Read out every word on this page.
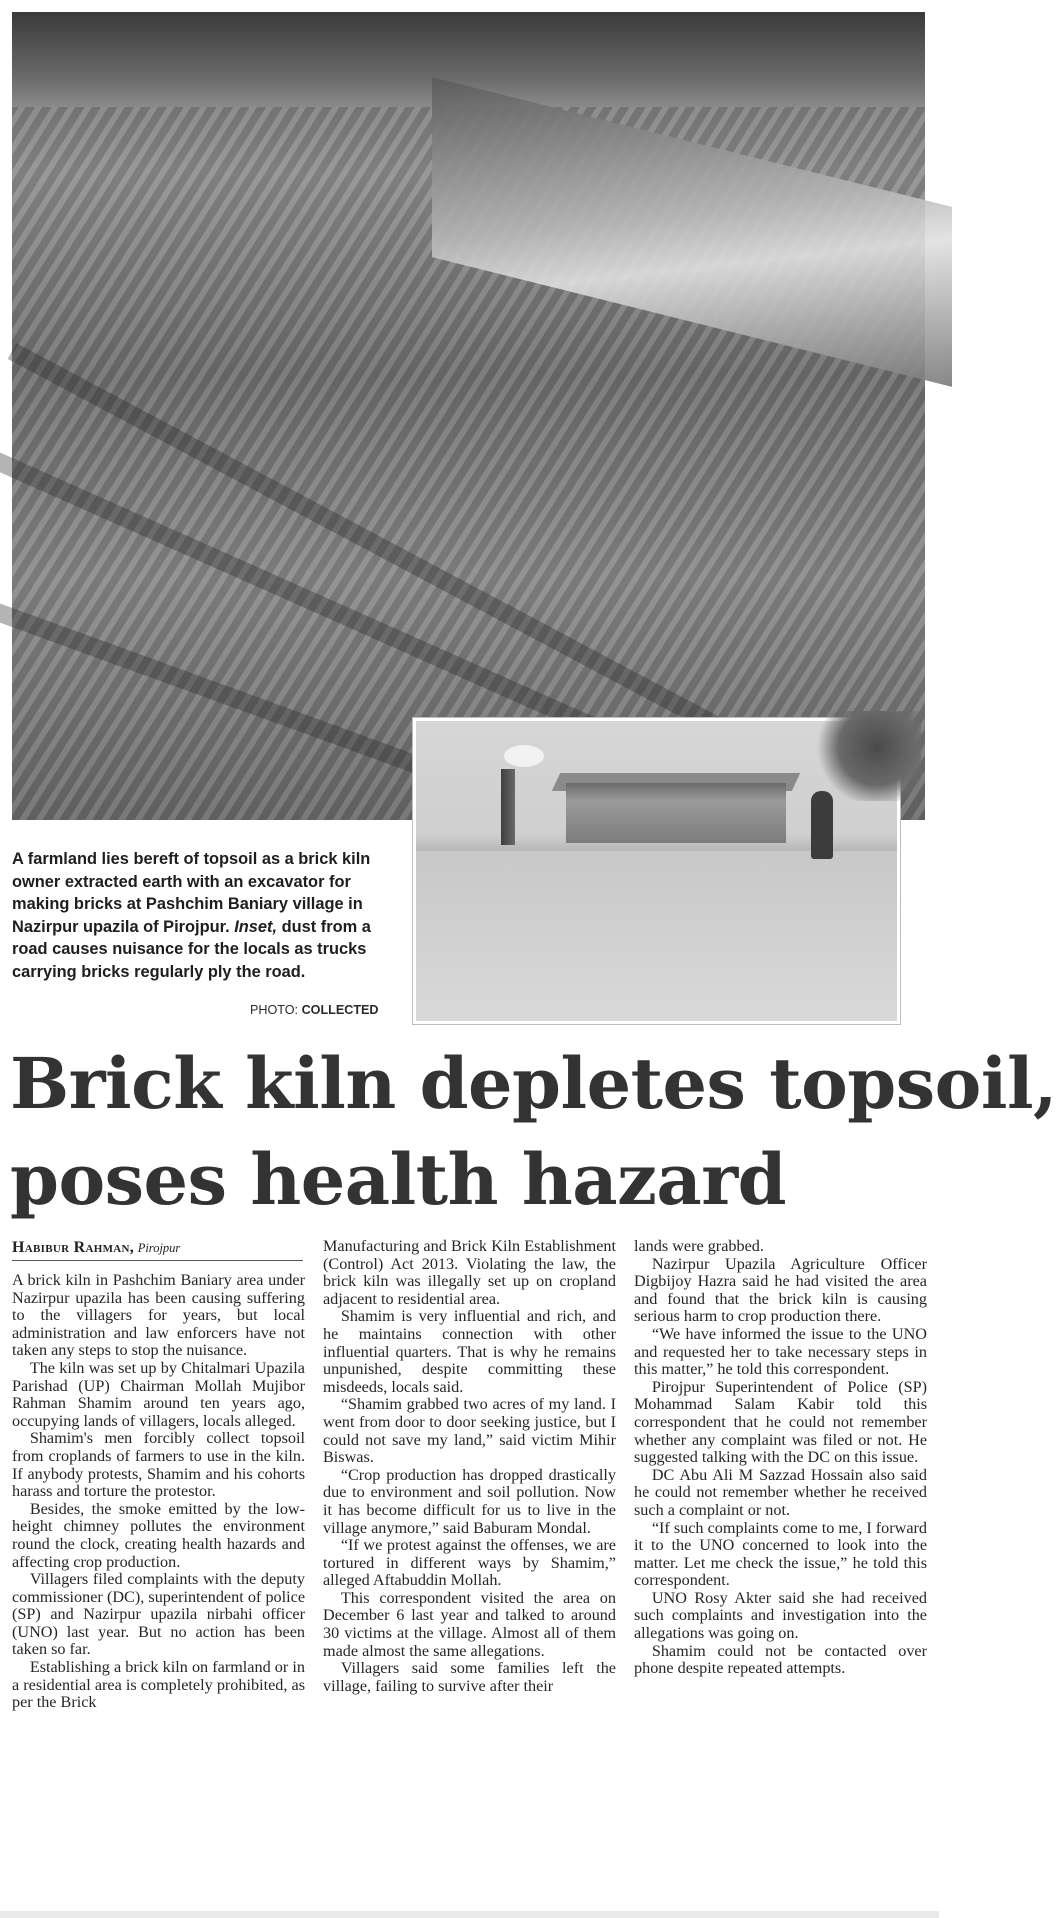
A farmland lies bereft of topsoil as a brick kiln owner extracted earth with an excavator for making bricks at Pashchim Baniary village in Nazirpur upazila of Pirojpur. Inset, dust from a road causes nuisance for the locals as trucks carrying bricks regularly ply the road.
PHOTO: COLLECTED
Brick kiln depletes topsoil,
poses health hazard
Habibur Rahman, Pirojpur

A brick kiln in Pashchim Baniary area under Nazirpur upazila has been causing suffering to the villagers for years, but local administration and law enforcers have not taken any steps to stop the nuisance.

The kiln was set up by Chitalmari Upazila Parishad (UP) Chairman Mollah Mujibor Rahman Shamim around ten years ago, occupying lands of villagers, locals alleged.

Shamim's men forcibly collect topsoil from croplands of farmers to use in the kiln. If anybody protests, Shamim and his cohorts harass and torture the protestor.

Besides, the smoke emitted by the low-height chimney pollutes the environment round the clock, creating health hazards and affecting crop production.

Villagers filed complaints with the deputy commissioner (DC), superintendent of police (SP) and Nazirpur upazila nirbahi officer (UNO) last year. But no action has been taken so far.

Establishing a brick kiln on farmland or in a residential area is completely prohibited, as per the Brick

Manufacturing and Brick Kiln Establishment (Control) Act 2013. Violating the law, the brick kiln was illegally set up on cropland adjacent to residential area.

Shamim is very influential and rich, and he maintains connection with other influential quarters. That is why he remains unpunished, despite committing these misdeeds, locals said.

“Shamim grabbed two acres of my land. I went from door to door seeking justice, but I could not save my land,” said victim Mihir Biswas.

“Crop production has dropped drastically due to environment and soil pollution. Now it has become difficult for us to live in the village anymore,” said Baburam Mondal.

“If we protest against the offenses, we are tortured in different ways by Shamim,” alleged Aftabuddin Mollah.

This correspondent visited the area on December 6 last year and talked to around 30 victims at the village. Almost all of them made almost the same allegations.

Villagers said some families left the village, failing to survive after their

lands were grabbed.

Nazirpur Upazila Agriculture Officer Digbijoy Hazra said he had visited the area and found that the brick kiln is causing serious harm to crop production there.

“We have informed the issue to the UNO and requested her to take necessary steps in this matter,” he told this correspondent.

Pirojpur Superintendent of Police (SP) Mohammad Salam Kabir told this correspondent that he could not remember whether any complaint was filed or not. He suggested talking with the DC on this issue.

DC Abu Ali M Sazzad Hossain also said he could not remember whether he received such a complaint or not.

“If such complaints come to me, I forward it to the UNO concerned to look into the matter. Let me check the issue,” he told this correspondent.

UNO Rosy Akter said she had received such complaints and investigation into the allegations was going on.

Shamim could not be contacted over phone despite repeated attempts.
